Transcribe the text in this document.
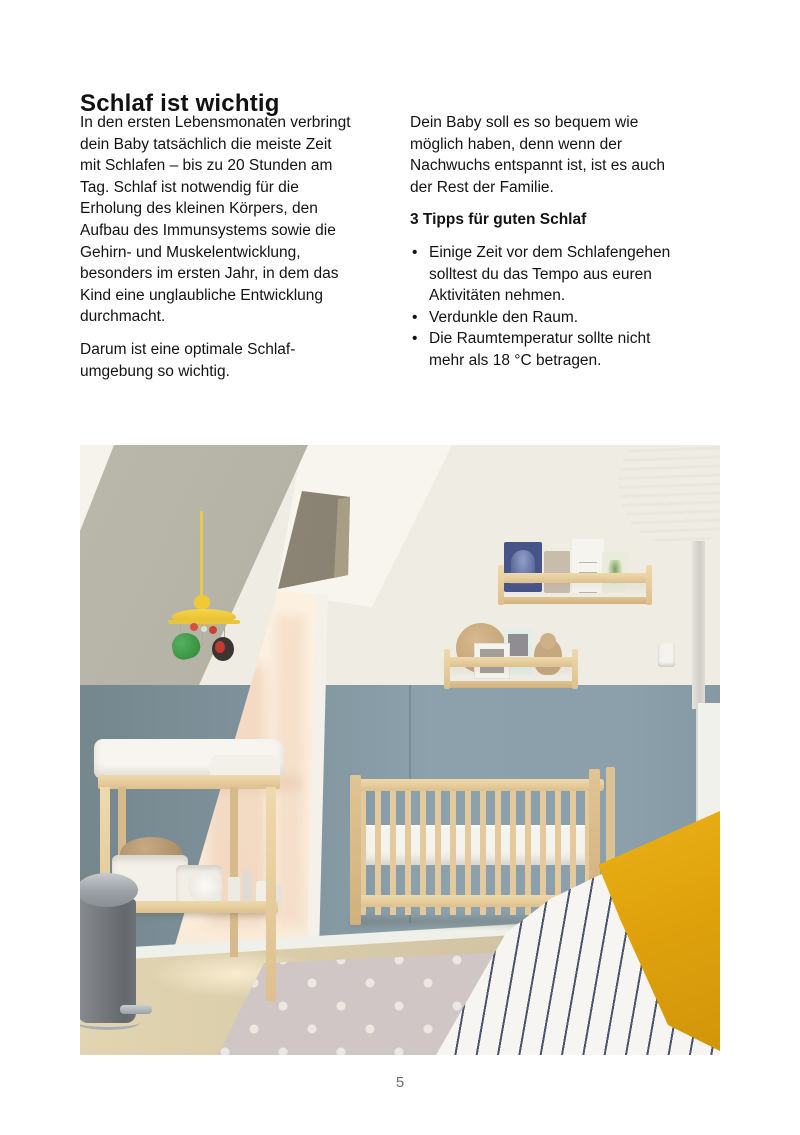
Schlaf ist wichtig

In den ersten Lebensmonaten verbringt dein Baby tatsächlich die meiste Zeit mit Schlafen – bis zu 20 Stunden am Tag. Schlaf ist notwendig für die Erholung des kleinen Körpers, den Aufbau des Immunsystems sowie die Gehirn- und Muskelentwicklung, besonders im ersten Jahr, in dem das Kind eine unglaubliche Entwicklung durchmacht.

Darum ist eine optimale Schlafumgebung so wichtig.

Dein Baby soll es so bequem wie möglich haben, denn wenn der Nachwuchs entspannt ist, ist es auch der Rest der Familie.

3 Tipps für guten Schlaf

• Einige Zeit vor dem Schlafengehen solltest du das Tempo aus euren Aktivitäten nehmen.
• Verdunkle den Raum.
• Die Raumtemperatur sollte nicht mehr als 18 °C betragen.
5
